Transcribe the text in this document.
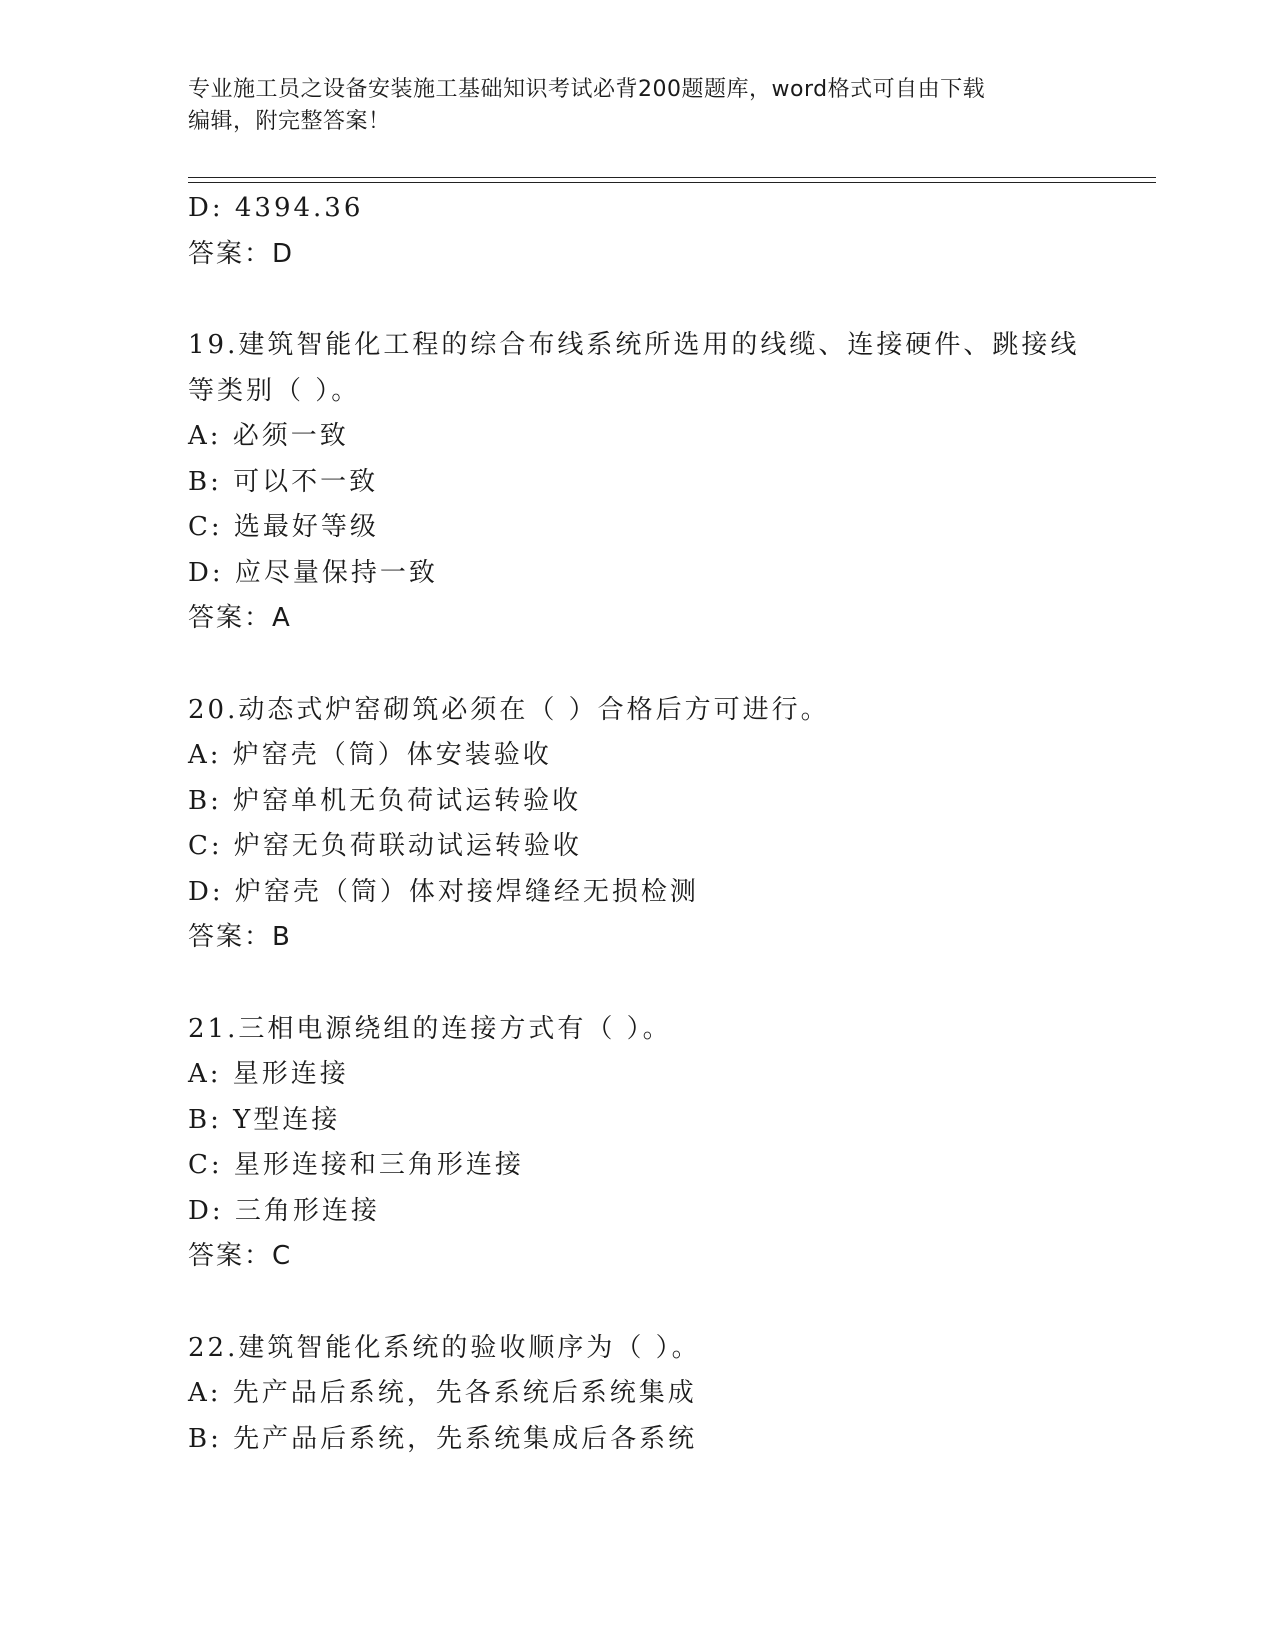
专业施工员之设备安装施工基础知识考试必背200题题库，word格式可自由下载
编辑，附完整答案！
D: 4394.36
答案：D
19.建筑智能化工程的综合布线系统所选用的线缆、连接硬件、跳接线
等类别（ ）。
A: 必须一致
B: 可以不一致
C: 选最好等级
D: 应尽量保持一致
答案：A
20.动态式炉窑砌筑必须在（ ）合格后方可进行。
A: 炉窑壳（筒）体安装验收
B: 炉窑单机无负荷试运转验收
C: 炉窑无负荷联动试运转验收
D: 炉窑壳（筒）体对接焊缝经无损检测
答案：B
21.三相电源绕组的连接方式有（ ）。
A: 星形连接
B: Y型连接
C: 星形连接和三角形连接
D: 三角形连接
答案：C
22.建筑智能化系统的验收顺序为（ ）。
A: 先产品后系统，先各系统后系统集成
B: 先产品后系统，先系统集成后各系统
